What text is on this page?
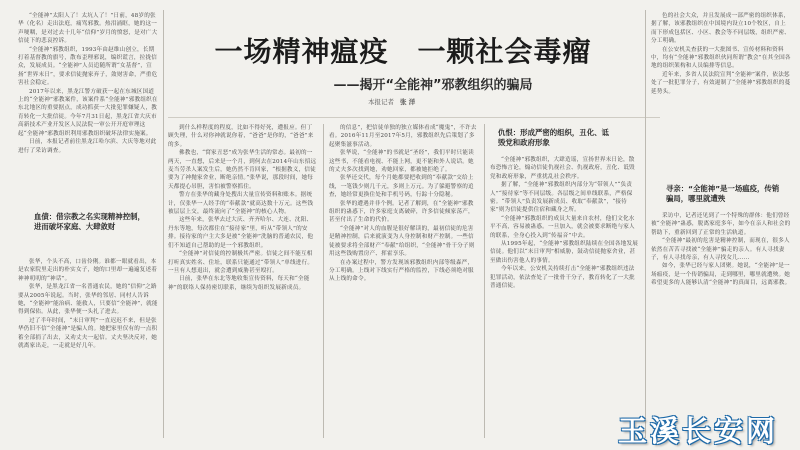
“全能神”太阳人了！太坑人了！”日前，48岁的张华（化名）走出法庭，痛骂邪教。热泪涌眶，她的这一声哽咽，是对过去十几年“信仰”岁月的愤怒，是对广大信徒下的悲哀控诉。

“全能神”邪教组织，1993年由赵维山创立，长期打着基督教的旗号，散布歪理邪说，编织谎言，拉拢信众，发展成员。“全能神”人员追随所谓“女基督”，宣扬“世界末日”，要求信徒抛家弃子，敛财害命，严重危害社会稳定。

2017年以来，黑龙江警方破获一起在东城区国道上的“全能神”邪教案件，该案件系“全能神”邪教组织在东北地区的重要据点，成功抓获一大批犯罪嫌疑人，教育转化一大批信徒。今年7月31日起，黑龙江省大庆市高新技术产业开发区人民法院一审公开开庭审理这起“全能神”邪教组织利用邪教组织破坏法律实施案。

日前，本报记者前往黑龙江哈尔滨、大庆等地对此进行了采访调查。

血债：借宗教之名实现精神控制，进而破坏家庭、大肆敛财

张华，个头不高，口齿伶俐。谁都一眼就看出，本是农家院里走出的朴实女子，她的口里却一遍遍复述着神神叨叨的“神话”。

张华，是黑龙江省一名普通农民，她的“信仰”之路要从2005年说起。当时，张华的邻居、同村人告诉她，“全能神”能治病、能救人，只要信“全能神”，就能得到保佑。从此，张华便一头扎了进去。

过了半年时间，“末日审判”一直迟迟不来，但是张华仍旧不信“全能神”是骗人的。她把家里仅有的一点积蓄全部捐了出去，又劝丈夫一起信。丈夫坚决反对，她就离家出走，一走就是好几年。

一场精神瘟疫　一颗社会毒瘤
——揭开“全能神”邪教组织的骗局
本报记者 张 洋

到什么样程度的程度，比如不得好死，遭报应。但丁顾失理，什么对你神就说你着，“爸爸”是你的，“爸爸”来的多。

佛教也，“窝家丑恶”成为张华生活的常态。最初的一两天，一直想，后来是一个月，到何去在2014年山东招远麦当劳杀人案发生后，她仍然不肯回家，“根据教义，信徒要为了神抛家舍业，断绝亲情。”张华说，那段时间，她每天都提心吊胆，害怕被警察抓住。

警方在张华的藏身处搜出大量宣传资料和账本。据统计，仅张华一人经手的“奉献款”就高达数十万元。这些钱被层层上交，最终流向了“全能神”的核心人物。

这些年来，张华去过大庆、齐齐哈尔、大连、沈阳、丹东等地，每次都住在“接待家”里，听从“带领人”的安排。接待家的户主大多是被“全能神”洗脑的普通农民，他们不知道自己帮助的是一个邪教组织。

“全能神”对信徒的控制极其严密。信徒之间不能互相打听真实姓名、住址，联系只能通过“带领人”单线进行。一旦有人想退出，就会遭到威胁甚至殴打。

日前，张华在东北等地收集宣传资料，每天和“全能神”的联络人保持密切联系，继续为组织发展新成员。

的信息”，把信徒单独的独立媒体看成“魔鬼”，不许去看。2016年11月至2017年5月，邪教组织先后策划了多起聚集滋事活动。

张华说，“全能神”的书就是“圣经”，我们平时只能读这些书，不能看电视、不能上网，更不能和外人说话。她的丈夫多次找到她，劝她回家，都被她拒绝了。

张华还交代，每个月她都要把收到的“奉献款”交给上线，一笔钱少则几千元，多则上万元。为了躲避警察的追查，她经常更换住处和手机号码，行踪十分隐秘。

张华的遭遇并非个例。记者了解到，在“全能神”邪教组织的蛊惑下，许多家庭支离破碎，许多信徒倾家荡产，甚至付出了生命的代价。

“全能神”对人的血腥是很好解读的，最初信徒的危害是精神控制，后来就演变为人身控制和财产控制。一些信徒被要求将全部财产“奉献”给组织，“全能神”骨干分子则用这些钱购置房产、挥霍享乐。

在办案过程中，警方发现该邪教组织内部等级森严，分工明确。上线对下线实行严格的监控，下线必须绝对服从上线的命令。

仇恨：形成严密的组织，丑化、诋毁党和政府形象

“全能神”邪教组织，大肆造谣，宣扬世界末日论，散布恐怖言论，煽动信徒仇视社会、仇视政府，丑化、诋毁党和政府形象，严重扰乱社会秩序。

据了解，“全能神”邪教组织内部分为“带领人”“负责人”“接待家”等不同层级。各层级之间单线联系，严格保密。“带领人”负责发展新成员、收取“奉献款”，“接待家”则为信徒提供住宿和藏身之所。

“全能神”邪教组织的成员大量来自农村，他们文化水平不高，容易被蛊惑。一旦加入，就会被要求断绝与家人的联系，全身心投入到“传福音”中去。

从1995年起，“全能神”邪教组织陆续在全国各地发展信徒。他们以“末日审判”相威胁，鼓动信徒抛家舍业，甚至做出伤害他人的事情。

今年以来，公安机关持续打击“全能神”邪教组织违法犯罪活动，依法查处了一批骨干分子，教育转化了一大批普通信徒。

色的社会大众，并且发展成一部严密的组织体系，据了解，该邪教组织在中国境内设立10个牧区，自上而下形成包括区、小区、教会等不同层级，组织严密、分工明确。

在公安机关查获的一大批图书、宣传材料和资料中，均有“全能神”邪教组织伙同所谓“教会”在其全国各地的组织架构和人员编排等信息。

近年来，多省人民法院宣判“全能神”案件，依法惩处了一批犯罪分子，有效遏制了“全能神”邪教组织的蔓延势头。

寻亲：“全能神”是一场瘟疫，传销骗局，哪里就遭殃

采访中，记者还见到了一个特殊的群体：他们曾经被“全能神”蛊惑，脱离家庭多年，如今在亲人和社会的帮助下，重新回到了正常的生活轨道。

“全能神”最初的危害是精神控制，而现在，很多人依然在苦苦寻找被“全能神”骗走的亲人。有人寻找妻子，有人寻找母亲，有人寻找女儿……

如今，张华已经与家人团聚。她说，“全能神”是一场瘟疫，是一个传销骗局，走到哪里，哪里就遭殃。她希望更多的人能够认清“全能神”的真面目，远离邪教。

玉溪长安网
